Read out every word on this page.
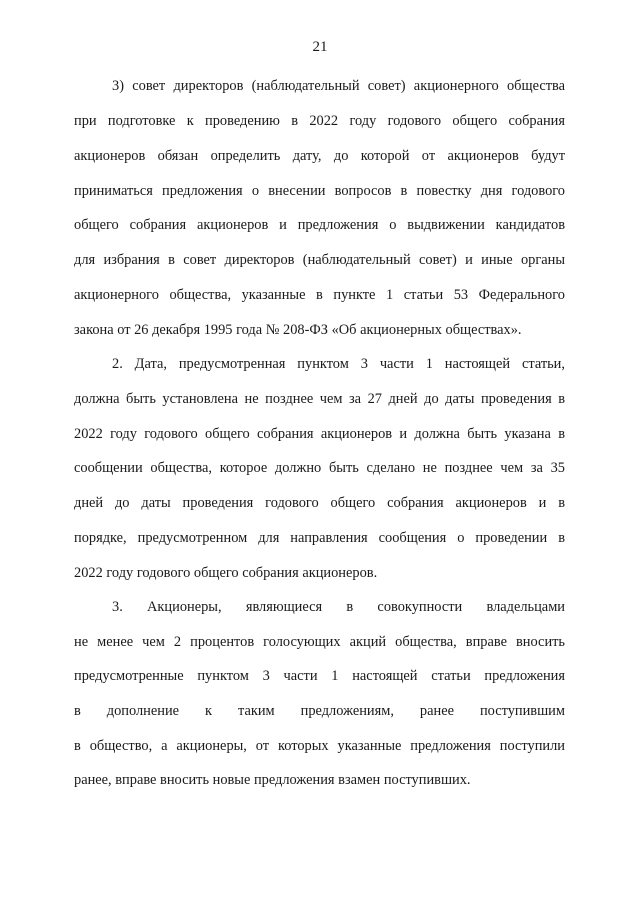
21
3) совет директоров (наблюдательный совет) акционерного общества
при подготовке к проведению в 2022 году годового общего собрания
акционеров обязан определить дату, до которой от акционеров будут
приниматься предложения о внесении вопросов в повестку дня годового
общего собрания акционеров и предложения о выдвижении кандидатов
для избрания в совет директоров (наблюдательный совет) и иные органы
акционерного общества, указанные в пункте 1 статьи 53 Федерального
закона от 26 декабря 1995 года № 208-ФЗ «Об акционерных обществах».
2. Дата, предусмотренная пунктом 3 части 1 настоящей статьи,
должна быть установлена не позднее чем за 27 дней до даты проведения в
2022 году годового общего собрания акционеров и должна быть указана в
сообщении общества, которое должно быть сделано не позднее чем за 35
дней до даты проведения годового общего собрания акционеров и в
порядке, предусмотренном для направления сообщения о проведении в
2022 году годового общего собрания акционеров.
3. Акционеры, являющиеся в совокупности владельцами
не менее чем 2 процентов голосующих акций общества, вправе вносить
предусмотренные пунктом 3 части 1 настоящей статьи предложения
в дополнение к таким предложениям, ранее поступившим
в общество, а акционеры, от которых указанные предложения поступили
ранее, вправе вносить новые предложения взамен поступивших.
